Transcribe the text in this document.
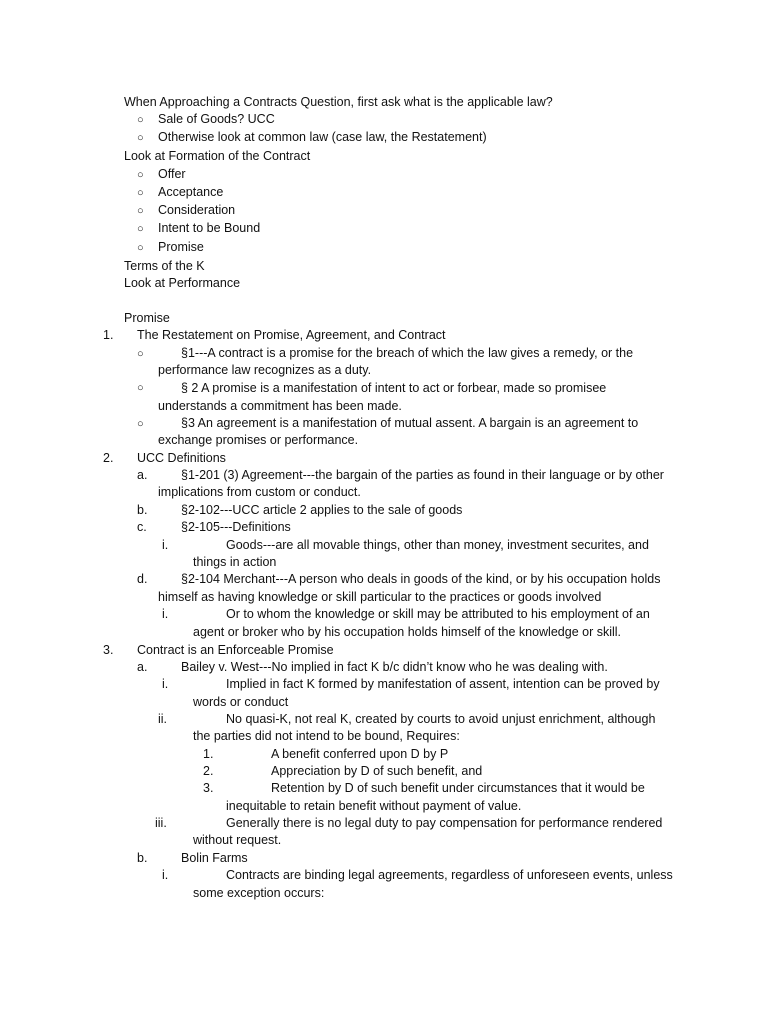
When Approaching a Contracts Question, first ask what is the applicable law?
○ Sale of Goods? UCC
○ Otherwise look at common law (case law, the Restatement)
Look at Formation of the Contract
○ Offer
○ Acceptance
○ Consideration
○ Intent to be Bound
○ Promise
Terms of the K
Look at Performance
Promise
1. The Restatement on Promise, Agreement, and Contract
○	§1---A contract is a promise for the breach of which the law gives a remedy, or the
performance law recognizes as a duty.
○	§ 2 A promise is a manifestation of intent to act or forbear, made so promisee
understands a commitment has been made.
○	§3 An agreement is a manifestation of mutual assent. A bargain is an agreement to
exchange promises or performance.
2. UCC Definitions
a.	§1-201 (3) Agreement---the bargain of the parties as found in their language or by other
implications from custom or conduct.
b.	§2-102---UCC article 2 applies to the sale of goods
c.	§2-105---Definitions
i.	Goods---are all movable things, other than money, investment securites, and
things in action
d.	§2-104 Merchant---A person who deals in goods of the kind, or by his occupation holds
himself as having knowledge or skill particular to the practices or goods involved
i.	Or to whom the knowledge or skill may be attributed to his employment of an
agent or broker who by his occupation holds himself of the knowledge or skill.
3. Contract is an Enforceable Promise
a.	Bailey v. West---No implied in fact K b/c didn’t know who he was dealing with.
i.	Implied in fact K formed by manifestation of assent, intention can be proved by
words or conduct
ii.	No quasi-K, not real K, created by courts to avoid unjust enrichment, although
the parties did not intend to be bound, Requires:
1.	A benefit conferred upon D by P
2.	Appreciation by D of such benefit, and
3.	Retention by D of such benefit under circumstances that it would be
inequitable to retain benefit without payment of value.
iii.	Generally there is no legal duty to pay compensation for performance rendered
without request.
b.	Bolin Farms
i.	Contracts are binding legal agreements, regardless of unforeseen events, unless
some exception occurs:
